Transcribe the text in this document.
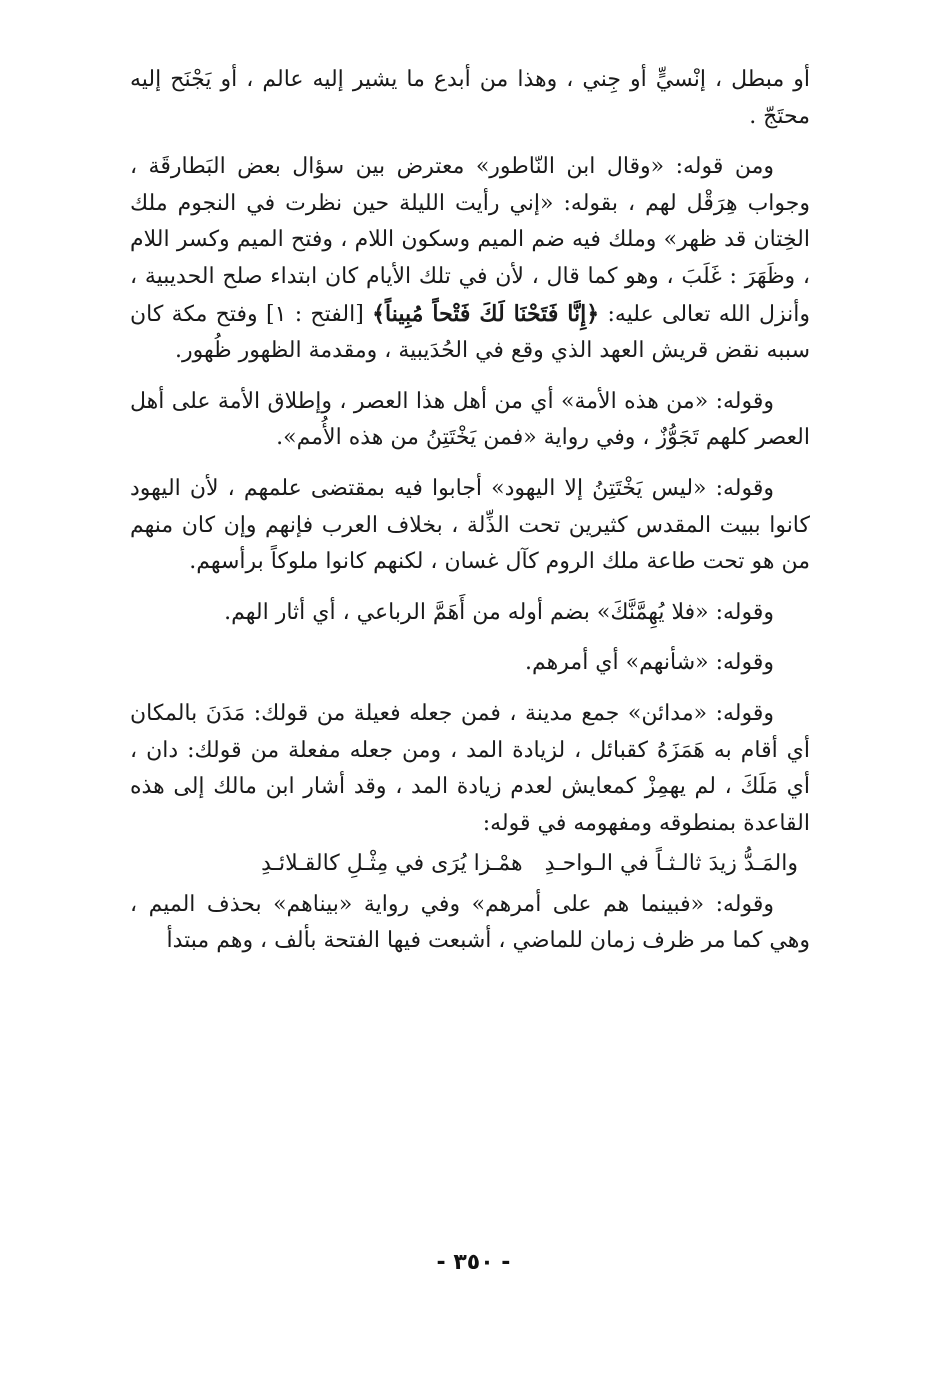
أو مبطل ، إنْسيٍّ أو جِني ، وهذا من أبدع ما يشير إليه عالم ، أو يَجْنَح إليه محتَجّ .

ومن قوله: «وقال ابن النّاطور» معترض بين سؤال بعض البَطارقَة ، وجواب هِرَقْل لهم ، بقوله: «إني رأيت الليلة حين نظرت في النجوم ملك الخِتان قد ظهر» وملك فيه ضم الميم وسكون اللام ، وفتح الميم وكسر اللام ، وظَهَرَ : غَلَبَ ، وهو كما قال ، لأن في تلك الأيام كان ابتداء صلح الحديبية ، وأنزل الله تعالى عليه: ﴿إِنَّا فَتَحْنَا لَكَ فَتْحاً مُبِيناً﴾ [الفتح : ١] وفتح مكة كان سببه نقض قريش العهد الذي وقع في الحُدَيبية ، ومقدمة الظهور ظُهور.

وقوله: «من هذه الأمة» أي من أهل هذا العصر ، وإطلاق الأمة على أهل العصر كلهم تَجَوُّزٌ ، وفي رواية «فمن يَخْتَتِنُ من هذه الأُمم».

وقوله: «ليس يَخْتَتِنُ إلا اليهود» أجابوا فيه بمقتضى علمهم ، لأن اليهود كانوا ببيت المقدس كثيرين تحت الذِّلة ، بخلاف العرب فإنهم وإن كان منهم من هو تحت طاعة ملك الروم كآل غسان ، لكنهم كانوا ملوكاً برأسهم.

وقوله: «فلا يُهِمَّنَّكَ» بضم أوله من أَهَمَّ الرباعي ، أي أثار الهم.

وقوله: «شأنهم» أي أمرهم.

وقوله: «مدائن» جمع مدينة ، فمن جعله فعيلة من قولك: مَدَنَ بالمكان أي أقام به هَمَزَهُ كقبائل ، لزيادة المد ، ومن جعله مفعلة من قولك: دان ، أي مَلَكَ ، لم يهمِزْ كمعايش لعدم زيادة المد ، وقد أشار ابن مالك إلى هذه القاعدة بمنطوقه ومفهومه في قوله:

والمَـدُّ زيدَ ثالـثـاً في الـواحـدِ
همْـزا يُرَى في مِثْـلِ كالقـلائـدِ

وقوله: «فبينما هم على أمرهم» وفي رواية «بيناهم» بحذف الميم ، وهي كما مر ظرف زمان للماضي ، أشبعت فيها الفتحة بألف ، وهم مبتدأ

- ٣٥٠ -
